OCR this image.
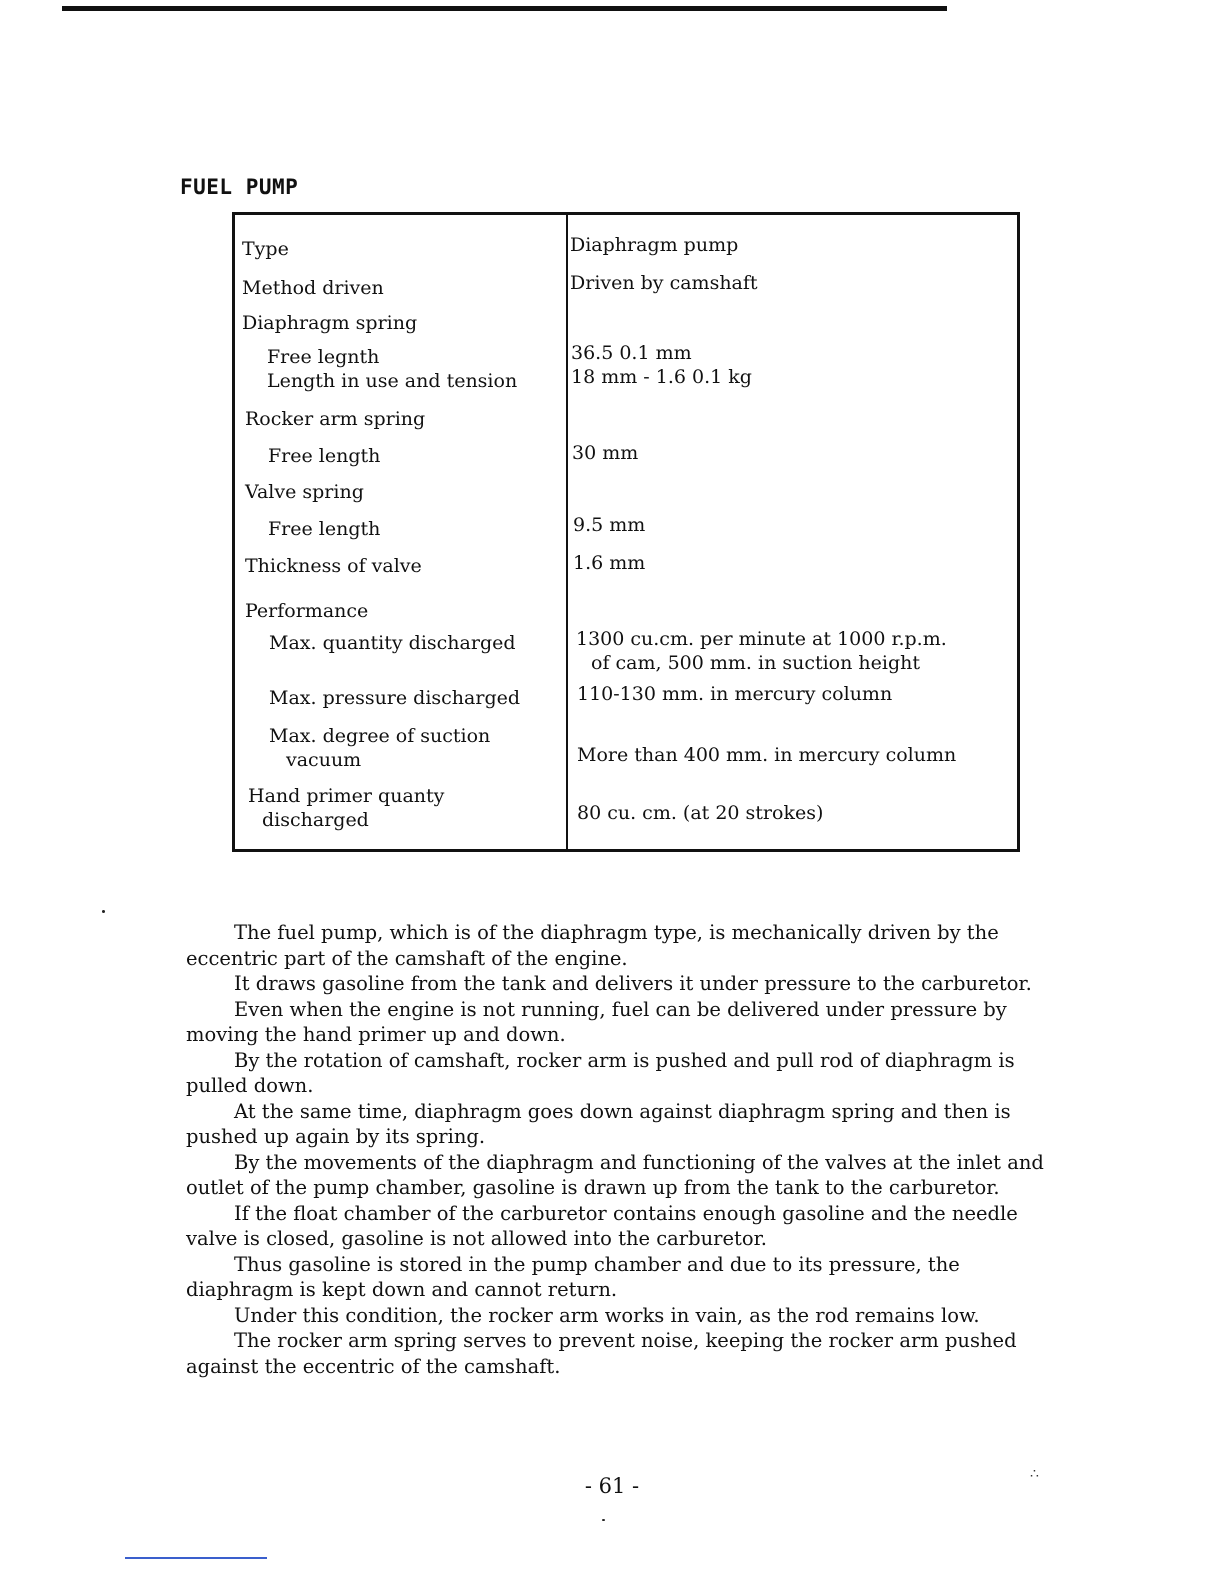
FUEL PUMP
Type	Diaphragm pump
Method driven	Driven by camshaft
Diaphragm spring
Free legnth	36.5 0.1 mm
Length in use and tension	18 mm - 1.6 0.1 kg
Rocker arm spring
Free length	30 mm
Valve spring
Free length	9.5 mm
Thickness of valve	1.6 mm
Performance
Max. quantity discharged	1300 cu.cm. per minute at 1000 r.p.m.
of cam, 500 mm. in suction height
Max. pressure discharged	110-130 mm. in mercury column
Max. degree of suction
vacuum	More than 400 mm. in mercury column
Hand primer quanty
discharged	80 cu. cm. (at 20 strokes)

The fuel pump, which is of the diaphragm type, is mechanically driven by the eccentric part of the camshaft of the engine.

It draws gasoline from the tank and delivers it under pressure to the carburetor.

Even when the engine is not running, fuel can be delivered under pressure by moving the hand primer up and down.

By the rotation of camshaft, rocker arm is pushed and pull rod of diaphragm is pulled down.

At the same time, diaphragm goes down against diaphragm spring and then is pushed up again by its spring.

By the movements of the diaphragm and functioning of the valves at the inlet and outlet of the pump chamber, gasoline is drawn up from the tank to the carburetor.

If the float chamber of the carburetor contains enough gasoline and the needle valve is closed, gasoline is not allowed into the carburetor.

Thus gasoline is stored in the pump chamber and due to its pressure, the diaphragm is kept down and cannot return.

Under this condition, the rocker arm works in vain, as the rod remains low.

The rocker arm spring serves to prevent noise, keeping the rocker arm pushed against the eccentric of the camshaft.

- 61 -	∴
